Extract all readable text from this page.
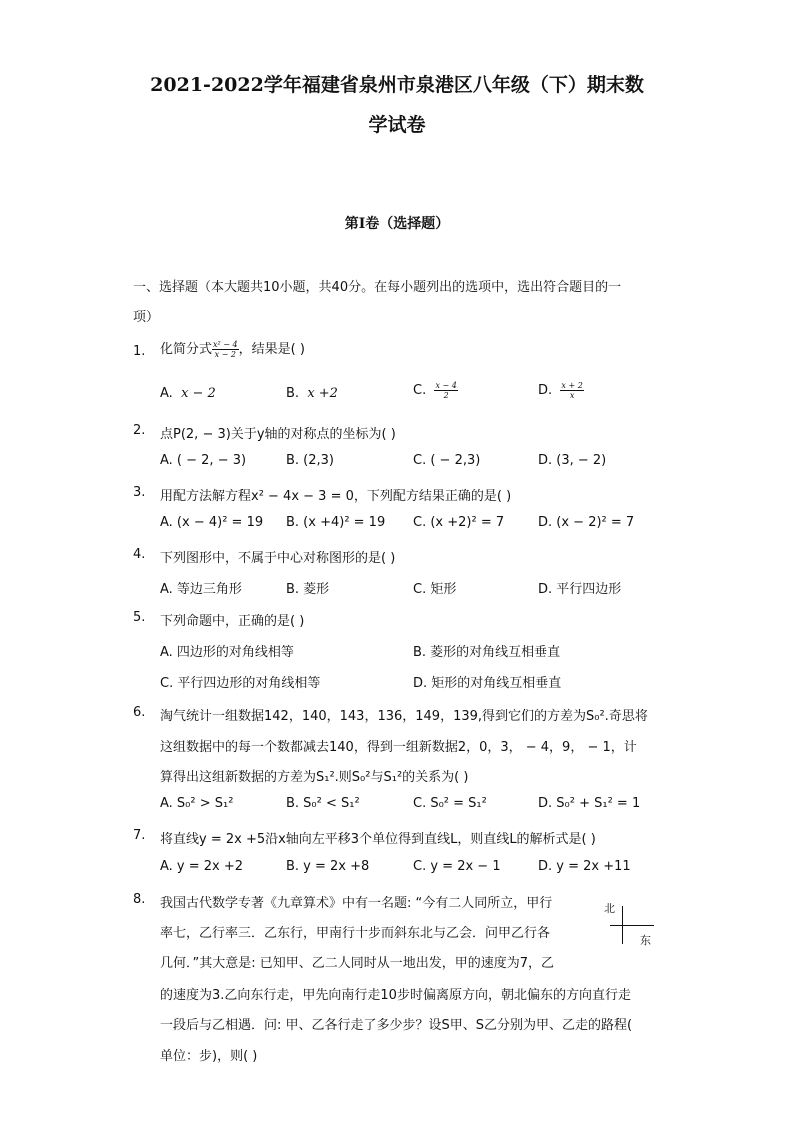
2021-2022学年福建省泉州市泉港区八年级（下）期末数
学试卷
第I卷（选择题）
一、选择题（本大题共10小题，共40分。在每小题列出的选项中，选出符合题目的一
项）
1. 化简分式 $\frac{\text{x² − 4}}{x - 2}$ ，结果是( )
A. x − 2	B. x +2	C. $\frac{x - 4}{2}$	D. $\frac{x + 2}{x}$
2. 点P(2, − 3)关于y轴的对称点的坐标为( )
A. ( − 2, − 3)	B. (2,3)	C. ( − 2,3)	D. (3, − 2)
3. 用配方法解方程x² − 4x − 3 = 0，下列配方结果正确的是( )
A. (x − 4)² = 19 B. (x +4)² = 19 C. (x +2)² = 7	D. (x − 2)² = 7
4. 下列图形中，不属于中心对称图形的是( )
A. 等边三角形	B. 菱形	C. 矩形	D. 平行四边形
5. 下列命题中，正确的是( )
A. 四边形的对角线相等	B. 菱形的对角线互相垂直
C. 平行四边形的对角线相等	D. 矩形的对角线互相垂直
6. 淘气统计一组数据142，140，143，136，149，139,得到它们的方差为S₀².奇思将
这组数据中的每一个数都减去140，得到一组新数据2，0，3， − 4，9， − 1，计
算得出这组新数据的方差为S₁².则S₀²与S₁²的关系为( )
A. S₀² > S₁²	B. S₀² < S₁²	C. S₀² = S₁²	D. S₀² + S₁² = 1
7. 将直线y = 2x +5沿x轴向左平移3个单位得到直线L，则直线L的解析式是( )
A. y = 2x +2	B. y = 2x +8	C. y = 2x − 1	D. y = 2x +11
8. 我国古代数学专著《九章算术》中有一名题: “今有二人同所立，甲行
率七，乙行率三．乙东行，甲南行十步而斜东北与乙会．问甲乙行各
几何．”其大意是: 已知甲、乙二人同时从一地出发，甲的速度为7，乙
的速度为3.乙向东行走，甲先向南行走10步时偏离原方向，朝北偏东的方向直行走
一段后与乙相遇．问: 甲、乙各行走了多少步？设S甲、S乙分别为甲、乙走的路程(
单位：步)，则( )
北
东
